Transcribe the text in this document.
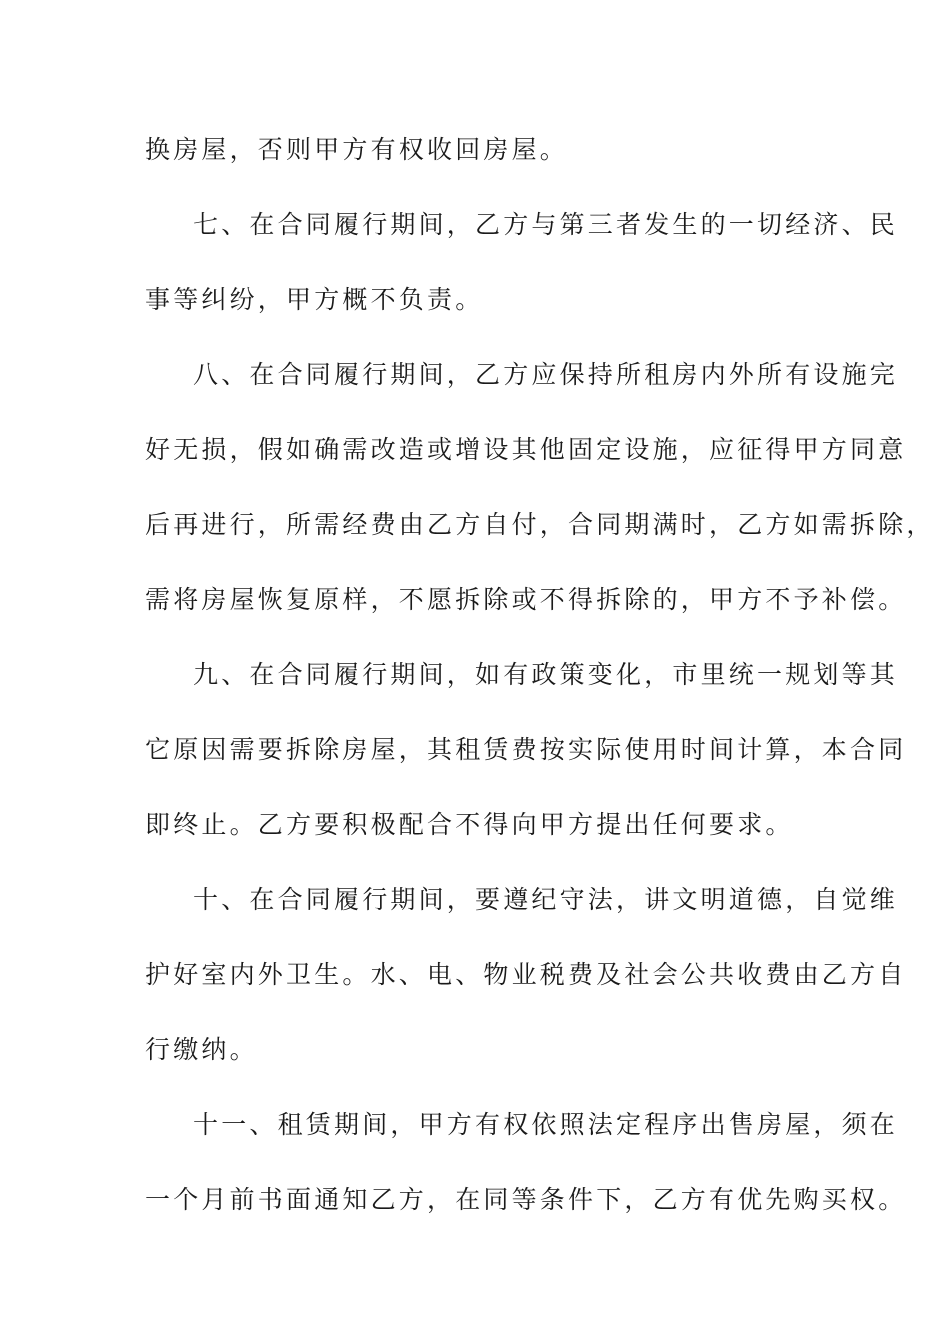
换房屋，否则甲方有权收回房屋。
七、在合同履行期间，乙方与第三者发生的一切经济、民
事等纠纷，甲方概不负责。
八、在合同履行期间，乙方应保持所租房内外所有设施完
好无损，假如确需改造或增设其他固定设施，应征得甲方同意
后再进行，所需经费由乙方自付，合同期满时，乙方如需拆除，
需将房屋恢复原样，不愿拆除或不得拆除的，甲方不予补偿。
九、在合同履行期间，如有政策变化，市里统一规划等其
它原因需要拆除房屋，其租赁费按实际使用时间计算，本合同
即终止。乙方要积极配合不得向甲方提出任何要求。
十、在合同履行期间，要遵纪守法，讲文明道德，自觉维
护好室内外卫生。水、电、物业税费及社会公共收费由乙方自
行缴纳。
十一、租赁期间，甲方有权依照法定程序出售房屋，须在
一个月前书面通知乙方，在同等条件下，乙方有优先购买权。
